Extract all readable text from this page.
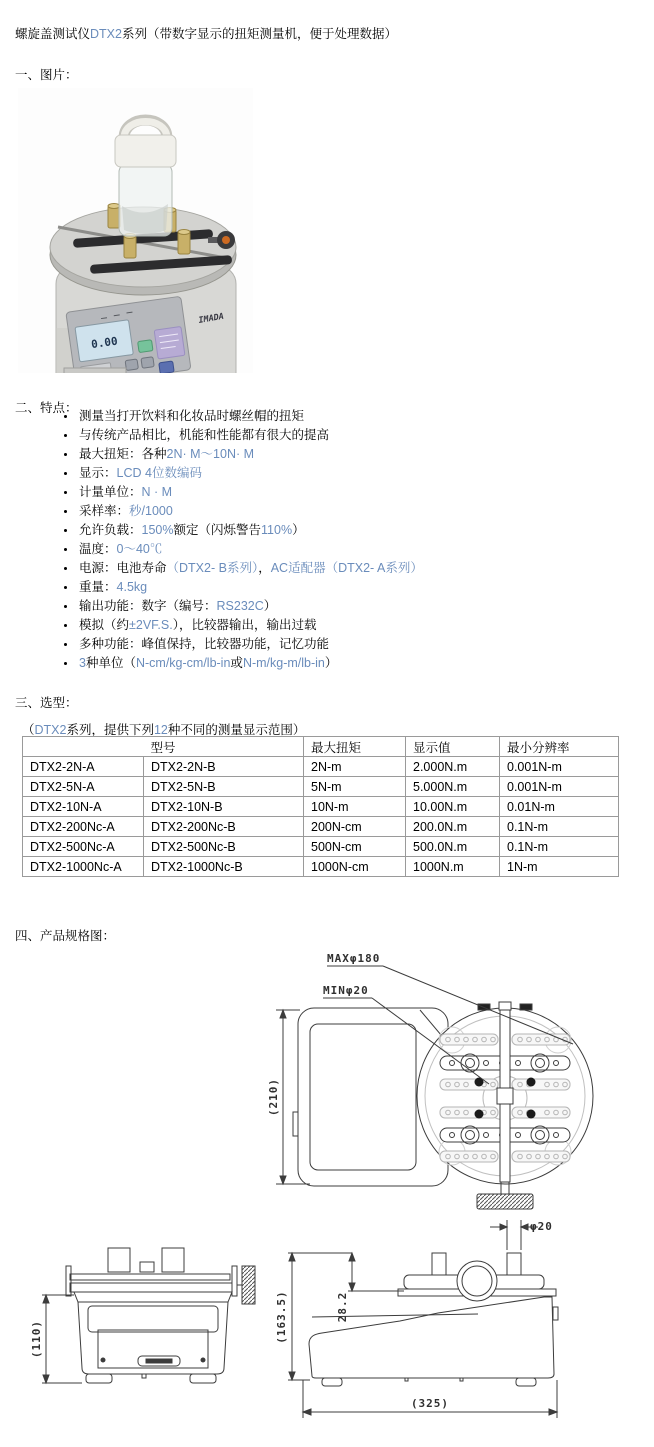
螺旋盖测试仪DTX2系列（带数字显示的扭矩测量机，便于处理数据）

一、图片：

0.00
IMADA

二、特点：

测量当打开饮料和化妆品时螺丝帽的扭矩
与传统产品相比，机能和性能都有很大的提高
最大扭矩：各种2N· M〜10N· M
显示：LCD 4位数编码
计量单位：N · M
采样率：秒/1000
允许负载：150%额定（闪烁警告110%）
温度：0〜40℃
电源：电池寿命（DTX2- B系列），AC适配器（DTX2- A系列）
重量：4.5kg
输出功能：数字（编号：RS232C）
模拟（约±2VF.S.），比较器输出，输出过载
多种功能：峰值保持，比较器功能，记忆功能
3种单位（N-cm/kg-cm/lb-in或N-m/kg-m/lb-in）

三、选型：

（DTX2系列，提供下列12种不同的测量显示范围）

型号		最大扭矩	显示值	最小分辨率
DTX2-2N-A	DTX2-2N-B	2N-m	2.000N.m	0.001N-m
DTX2-5N-A	DTX2-5N-B	5N-m	5.000N.m	0.001N-m
DTX2-10N-A	DTX2-10N-B	10N-m	10.00N.m	0.01N-m
DTX2-200Nc-A	DTX2-200Nc-B	200N-cm	200.0N.m	0.1N-m
DTX2-500Nc-A	DTX2-500Nc-B	500N-cm	500.0N.m	0.1N-m
DTX2-1000Nc-A	DTX2-1000Nc-B	1000N-cm	1000N.m	1N-m

四、产品规格图：

MAXφ180
MINφ20
(210)
φ20
(110)	(163.5)	28.2
(325)
